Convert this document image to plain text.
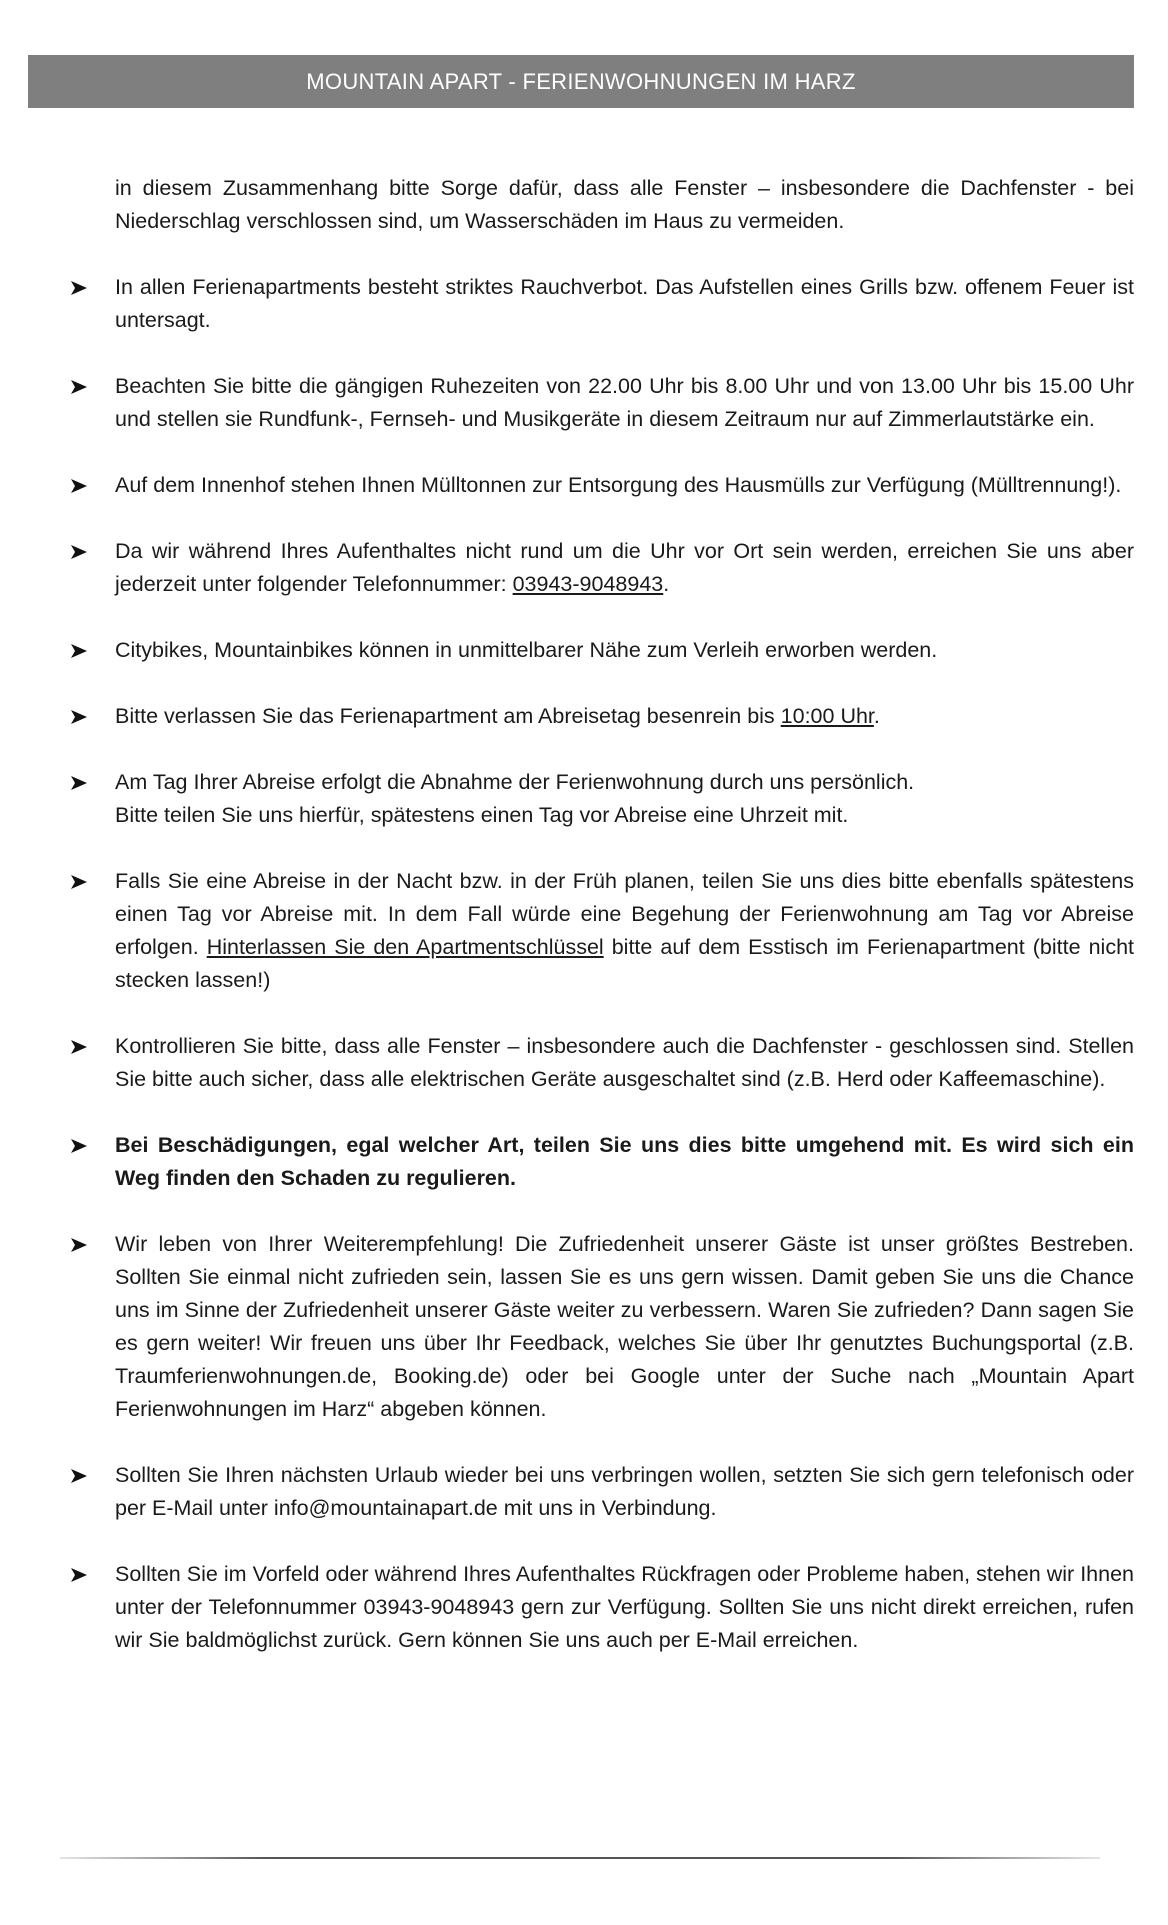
MOUNTAIN APART - FERIENWOHNUNGEN IM HARZ
in diesem Zusammenhang bitte Sorge dafür, dass alle Fenster – insbesondere die Dachfenster - bei Niederschlag verschlossen sind, um Wasserschäden im Haus zu vermeiden.
In allen Ferienapartments besteht striktes Rauchverbot. Das Aufstellen eines Grills bzw. offenem Feuer ist untersagt.
Beachten Sie bitte die gängigen Ruhezeiten von 22.00 Uhr bis 8.00 Uhr und von 13.00 Uhr bis 15.00 Uhr und stellen sie Rundfunk-, Fernseh- und Musikgeräte in diesem Zeitraum nur auf Zimmerlautstärke ein.
Auf dem Innenhof stehen Ihnen Mülltonnen zur Entsorgung des Hausmülls zur Verfügung (Mülltrennung!).
Da wir während Ihres Aufenthaltes nicht rund um die Uhr vor Ort sein werden, erreichen Sie uns aber jederzeit unter folgender Telefonnummer: 03943-9048943.
Citybikes, Mountainbikes können in unmittelbarer Nähe zum Verleih erworben werden.
Bitte verlassen Sie das Ferienapartment am Abreisetag besenrein bis 10:00 Uhr.
Am Tag Ihrer Abreise erfolgt die Abnahme der Ferienwohnung durch uns persönlich.
Bitte teilen Sie uns hierfür, spätestens einen Tag vor Abreise eine Uhrzeit mit.
Falls Sie eine Abreise in der Nacht bzw. in der Früh planen, teilen Sie uns dies bitte ebenfalls spätestens einen Tag vor Abreise mit. In dem Fall würde eine Begehung der Ferienwohnung am Tag vor Abreise erfolgen. Hinterlassen Sie den Apartmentschlüssel bitte auf dem Esstisch im Ferienapartment (bitte nicht stecken lassen!)
Kontrollieren Sie bitte, dass alle Fenster – insbesondere auch die Dachfenster - geschlossen sind. Stellen Sie bitte auch sicher, dass alle elektrischen Geräte ausgeschaltet sind (z.B. Herd oder Kaffeemaschine).
Bei Beschädigungen, egal welcher Art, teilen Sie uns dies bitte umgehend mit. Es wird sich ein Weg finden den Schaden zu regulieren.
Wir leben von Ihrer Weiterempfehlung! Die Zufriedenheit unserer Gäste ist unser größtes Bestreben. Sollten Sie einmal nicht zufrieden sein, lassen Sie es uns gern wissen. Damit geben Sie uns die Chance uns im Sinne der Zufriedenheit unserer Gäste weiter zu verbessern. Waren Sie zufrieden? Dann sagen Sie es gern weiter! Wir freuen uns über Ihr Feedback, welches Sie über Ihr genutztes Buchungsportal (z.B. Traumferienwohnungen.de, Booking.de) oder bei Google unter der Suche nach „Mountain Apart Ferienwohnungen im Harz“ abgeben können.
Sollten Sie Ihren nächsten Urlaub wieder bei uns verbringen wollen, setzten Sie sich gern telefonisch oder per E-Mail unter info@mountainapart.de mit uns in Verbindung.
Sollten Sie im Vorfeld oder während Ihres Aufenthaltes Rückfragen oder Probleme haben, stehen wir Ihnen unter der Telefonnummer 03943-9048943 gern zur Verfügung. Sollten Sie uns nicht direkt erreichen, rufen wir Sie baldmöglichst zurück. Gern können Sie uns auch per E-Mail erreichen.
